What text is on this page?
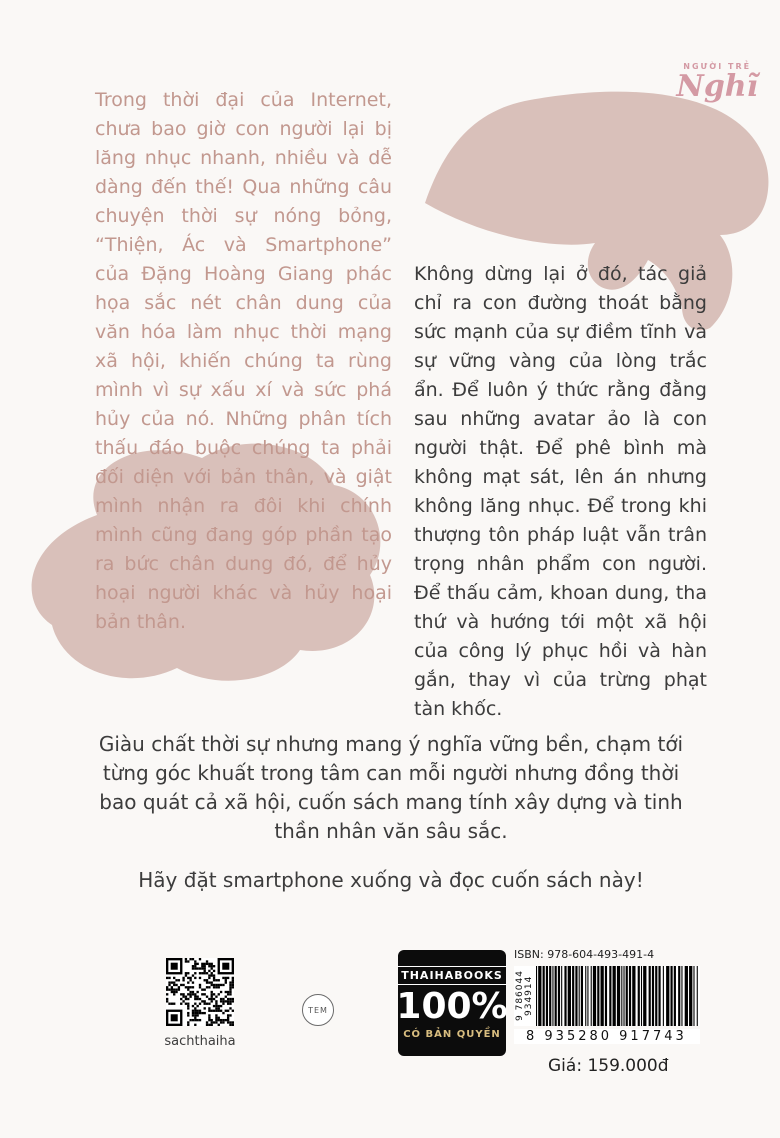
NGƯỜI TRẺ
Nghĩ

Trong thời đại của Internet, chưa bao giờ con người lại bị lăng nhục nhanh, nhiều và dễ dàng đến thế! Qua những câu chuyện thời sự nóng bỏng, “Thiện, Ác và Smartphone” của Đặng Hoàng Giang phác họa sắc nét chân dung của văn hóa làm nhục thời mạng xã hội, khiến chúng ta rùng mình vì sự xấu xí và sức phá hủy của nó. Những phân tích thấu đáo buộc chúng ta phải đối diện với bản thân, và giật mình nhận ra đôi khi chính mình cũng đang góp phần tạo ra bức chân dung đó, để hủy hoại người khác và hủy hoại bản thân.

Không dừng lại ở đó, tác giả chỉ ra con đường thoát bằng sức mạnh của sự điềm tĩnh và sự vững vàng của lòng trắc ẩn. Để luôn ý thức rằng đằng sau những avatar ảo là con người thật. Để phê bình mà không mạt sát, lên án nhưng không lăng nhục. Để trong khi thượng tôn pháp luật vẫn trân trọng nhân phẩm con người. Để thấu cảm, khoan dung, tha thứ và hướng tới một xã hội của công lý phục hồi và hàn gắn, thay vì của trừng phạt tàn khốc.

Giàu chất thời sự nhưng mang ý nghĩa vững bền, chạm tới từng góc khuất trong tâm can mỗi người nhưng đồng thời bao quát cả xã hội, cuốn sách mang tính xây dựng và tinh thần nhân văn sâu sắc.

Hãy đặt smartphone xuống và đọc cuốn sách này!

sachthaiha
TEM
THAIHABOOKS
100%
CÓ BẢN QUYỀN
ISBN: 978-604-493-491-4
9 786044 934914
8 935280 917743
Giá: 159.000đ
